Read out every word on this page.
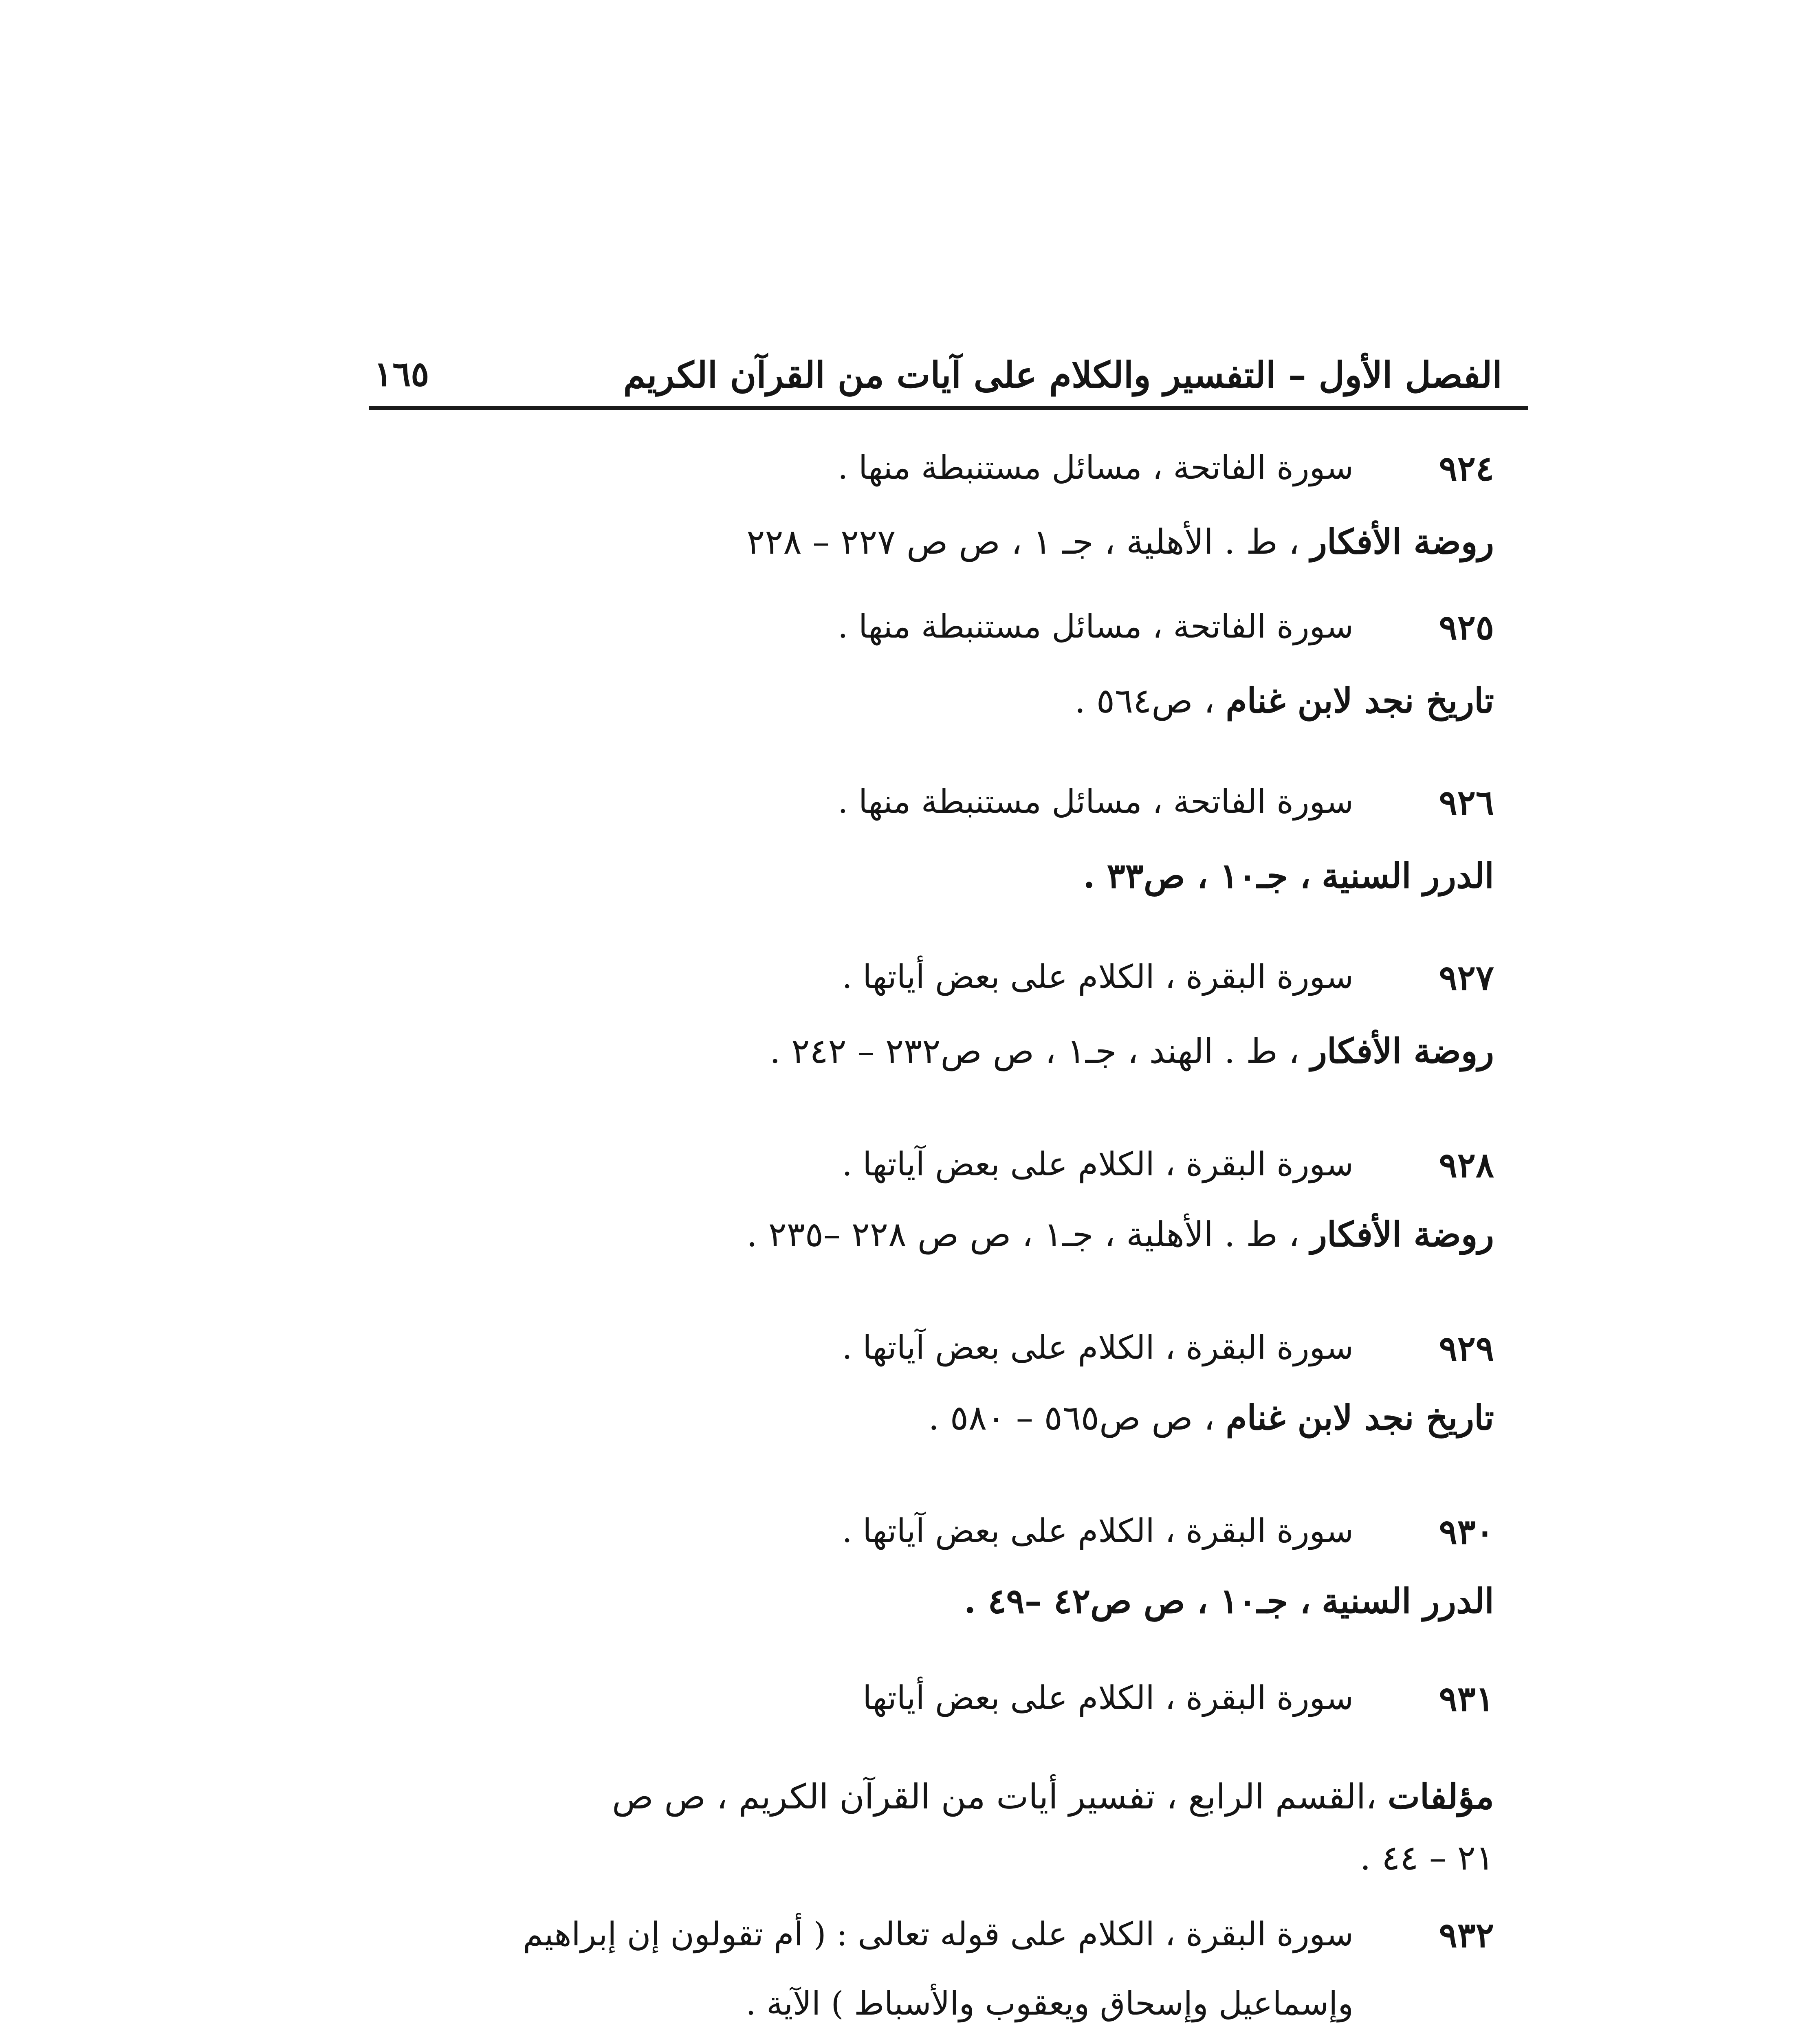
الفصل الأول – التفسير والكلام على آيات من القرآن الكريم
١٦٥
٩٢٤
سورة الفاتحة ، مسائل مستنبطة منها .
روضة الأفكار ، ط . الأهلية ، جـ ١ ، ص ص ٢٢٧ – ٢٢٨
٩٢٥
سورة الفاتحة ، مسائل مستنبطة منها .
تاريخ نجد لابن غنام ، ص٥٦٤ .
٩٢٦
سورة الفاتحة ، مسائل مستنبطة منها .
الدرر السنية ، جـ١٠ ، ص٣٣ .
٩٢٧
سورة البقرة ، الكلام على بعض أياتها .
روضة الأفكار ، ط . الهند ، جـ١ ، ص ص٢٣٢ – ٢٤٢ .
٩٢٨
سورة البقرة ، الكلام على بعض آياتها .
روضة الأفكار ، ط . الأهلية ، جـ١ ، ص ص ٢٢٨ –٢٣٥ .
٩٢٩
سورة البقرة ، الكلام على بعض آياتها .
تاريخ نجد لابن غنام ، ص ص٥٦٥ – ٥٨٠ .
٩٣٠
سورة البقرة ، الكلام على بعض آياتها .
الدرر السنية ، جـ١٠ ، ص ص٤٢ –٤٩ .
٩٣١
سورة البقرة ، الكلام على بعض أياتها
مؤلفات ،القسم الرابع ، تفسير أيات من القرآن الكريم ، ص ص
٢١ – ٤٤ .
٩٣٢
سورة البقرة ، الكلام على قوله تعالى : ( أم تقولون إن إبراهيم
وإسماعيل وإسحاق ويعقوب والأسباط ) الآية .
